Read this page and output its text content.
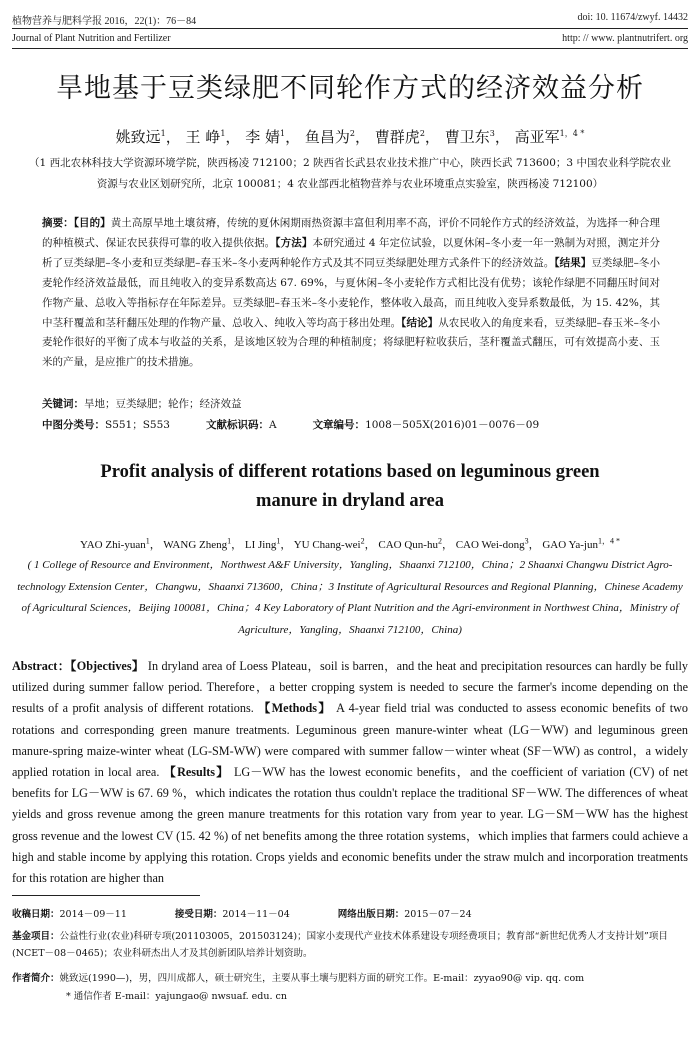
植物营养与肥料学报 2016，22(1)：76－84	doi: 10. 11674/zwyf. 14432
Journal of Plant Nutrition and Fertilizer	http: // www. plantnutrifert. org
旱地基于豆类绿肥不同轮作方式的经济效益分析
姚致远$^1$， 王 峥$^1$， 李 婧$^1$， 鱼昌为$^2$， 曹群虎$^2$， 曹卫东$^3$， 高亚军$^{1,4 *}$
（1 西北农林科技大学资源环境学院，陕西杨凌 712100；2 陕西省长武县农业技术推广中心，陕西长武 713600；3 中国农业科学院农业资源与农业区划研究所，北京 100081；4 农业部西北植物营养与农业环境重点实验室，陕西杨凌 712100）
摘要：【目的】黄土高原旱地土壤贫瘠，传统的夏休闲期雨热资源丰富但利用率不高，评价不同轮作方式的经济效益，为选择一种合理的种植模式、保证农民获得可靠的收入提供依据。【方法】本研究通过 4 年定位试验，以夏休闲–冬小麦一年一熟制为对照，测定并分析了豆类绿肥–冬小麦和豆类绿肥–春玉米–冬小麦两种轮作方式及其不同豆类绿肥处理方式条件下的经济效益。【结果】豆类绿肥–冬小麦轮作经济效益最低，而且纯收入的变异系数高达 67. 69%，与夏休闲–冬小麦轮作方式相比没有优势；该轮作绿肥不同翻压时间对作物产量、总收入等指标存在年际差异。豆类绿肥–春玉米–冬小麦轮作，整体收入最高，而且纯收入变异系数最低，为 15. 42%，其中茎秆覆盖和茎秆翻压处理的作物产量、总收入、纯收入等均高于移出处理。【结论】从农民收入的角度来看，豆类绿肥–春玉米–冬小麦轮作很好的平衡了成本与收益的关系，是该地区较为合理的种植制度；将绿肥籽粒收获后，茎秆覆盖式翻压，可有效提高小麦、玉米的产量，是应推广的技术措施。
关键词：旱地；豆类绿肥；轮作；经济效益
中图分类号：S551；S553	文献标识码：A	文章编号：1008－505X(2016)01－0076－09
Profit analysis of different rotations based on leguminous green
manure in dryland area
YAO Zhi-yuan$^1$， WANG Zheng$^1$， LI Jing$^1$， YU Chang-wei$^2$， CAO Qun-$hu^2$， CAO Wei-dong$^3$， GAO Ya-jun$^{1,4 *}$
( 1 College of Resource and Environment，Northwest A&F University，Yangling，Shaanxi 712100，China；2 Shaanxi Changwu District Agro-technology Extension Center，Changwu，Shaanxi 713600，China；3 Institute of Agricultural Resources and Regional Planning，Chinese Academy of Agricultural Sciences，Beijing 100081，China；4 Key Laboratory of Plant Nutrition and the Agri-environment in Northwest China，Ministry of Agriculture，Yangling，Shaanxi 712100，China)
Abstract：【Objectives】 In dryland area of Loess Plateau，soil is barren，and the heat and precipitation resources can hardly be fully utilized during summer fallow period. Therefore，a better cropping system is needed to secure the farmer's income depending on the results of a profit analysis of different rotations. 【Methods】 A 4-year field trial was conducted to assess economic benefits of two rotations and corresponding green manure treatments. Leguminous green manure-winter wheat (LG－WW) and leguminous green manure-spring maize-winter wheat (LG-SM-WW) were compared with summer fallow－winter wheat (SF－WW) as control，a widely applied rotation in local area. 【Results】 LG－WW has the lowest economic benefits，and the coefficient of variation (CV) of net benefits for LG－WW is 67. 69 %，which indicates the rotation thus couldn't replace the traditional SF－WW. The differences of wheat yields and gross revenue among the green manure treatments for this rotation vary from year to year. LG－SM－WW has the highest gross revenue and the lowest CV (15. 42 %) of net benefits among the three rotation systems，which implies that farmers could achieve a high and stable income by applying this rotation. Crops yields and economic benefits under the straw mulch and incorporation treatments for this rotation are higher than
收稿日期：2014－09－11	接受日期：2014－11－04	网络出版日期：2015－07－24
基金项目：公益性行业(农业)科研专项(201103005，201503124)；国家小麦现代产业技术体系建设专项经费项目；教育部“新世纪优秀人才支持计划”项目(NCET－08－0465)；农业科研杰出人才及其创新团队培养计划资助。
作者简介：姚致远(1990—)，男，四川成都人，硕士研究生，主要从事土壤与肥料方面的研究工作。E-mail：zyyao90@ vip. qq. com
* 通信作者 E-mail：yajungao@ nwsuaf. edu. cn
